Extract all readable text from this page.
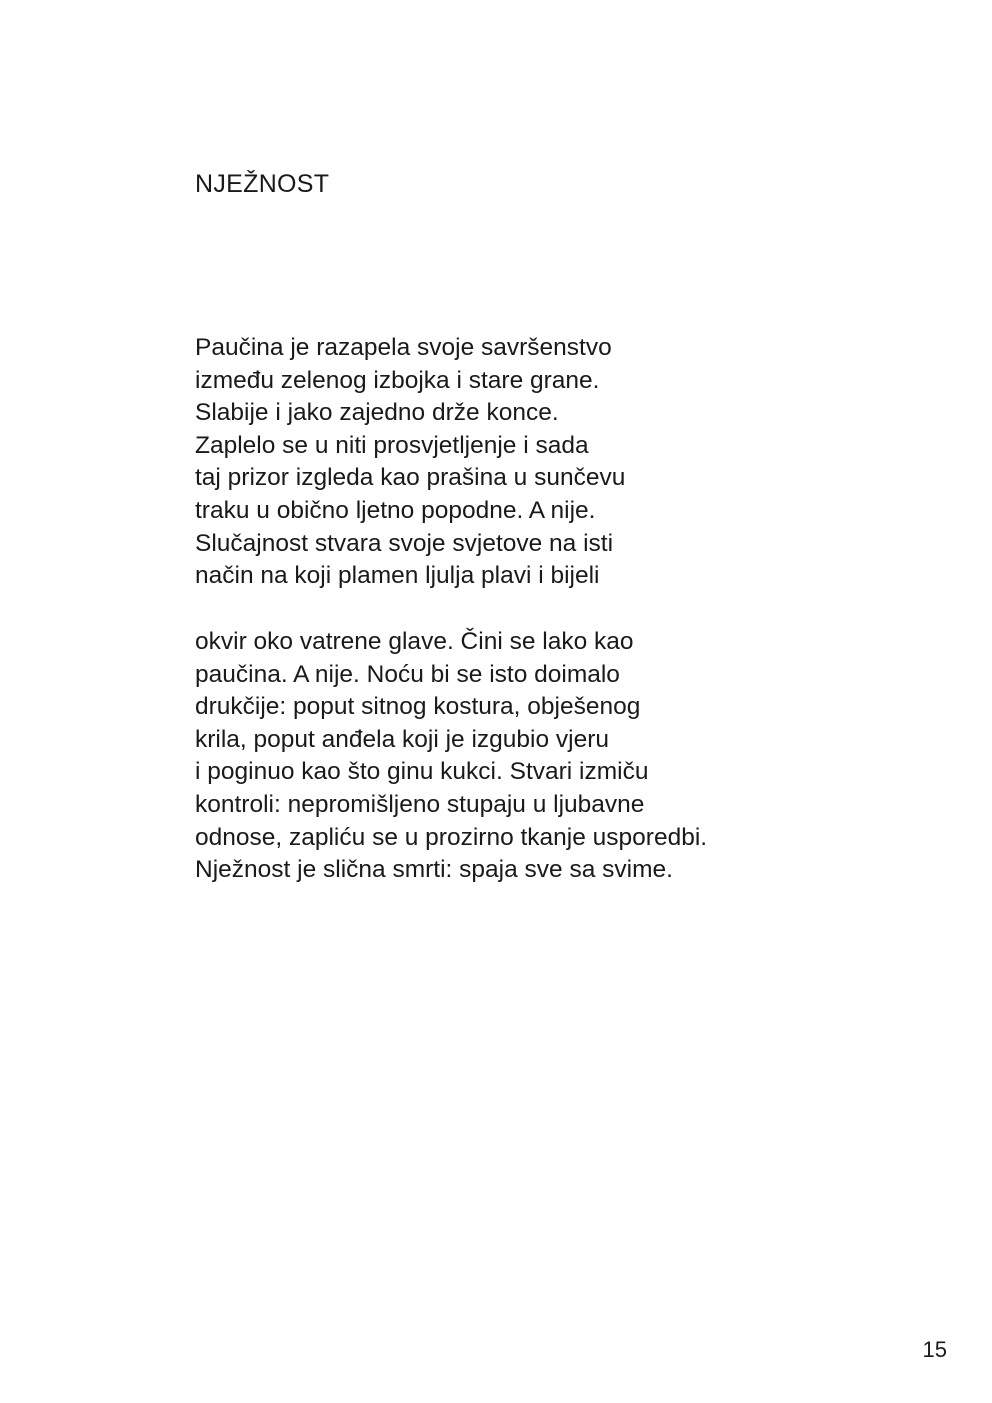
NJEŽNOST
Paučina je razapela svoje savršenstvo
između zelenog izbojka i stare grane.
Slabije i jako zajedno drže konce.
Zaplelo se u niti prosvjetljenje i sada
taj prizor izgleda kao prašina u sunčevu
traku u obično ljetno popodne. A nije.
Slučajnost stvara svoje svjetove na isti
način na koji plamen ljulja plavi i bijeli
okvir oko vatrene glave. Čini se lako kao
paučina. A nije. Noću bi se isto doimalo
drukčije: poput sitnog kostura, obješenog
krila, poput anđela koji je izgubio vjeru
i poginuo kao što ginu kukci. Stvari izmiču
kontroli: nepromišljeno stupaju u ljubavne
odnose, zapliću se u prozirno tkanje usporedbi.
Nježnost je slična smrti: spaja sve sa svime.
15
